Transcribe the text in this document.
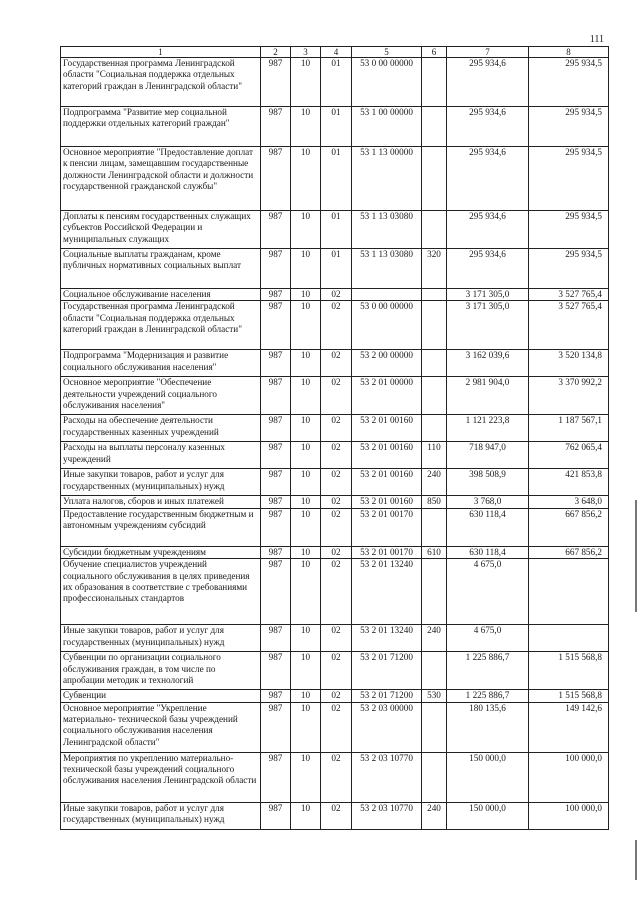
111
1	2	3	4	5	6	7	8
Государственная программа Ленинградской области "Социальная поддержка отдельных категорий граждан в Ленинградской области"	987	10	01	53 0 00 00000		295 934,6	295 934,5
Подпрограмма "Развитие мер социальной поддержки отдельных категорий граждан"	987	10	01	53 1 00 00000		295 934,6	295 934,5
Основное мероприятие "Предоставление доплат к пенсии лицам, замещавшим государственные должности Ленинградской области и должности государственной гражданской службы"	987	10	01	53 1 13 00000		295 934,6	295 934,5
Доплаты к пенсиям государственных служащих субъектов Российской Федерации и муниципальных служащих	987	10	01	53 1 13 03080		295 934,6	295 934,5
Социальные выплаты гражданам, кроме публичных нормативных социальных выплат	987	10	01	53 1 13 03080	320	295 934,6	295 934,5
Социальное обслуживание населения	987	10	02			3 171 305,0	3 527 765,4
Государственная программа Ленинградской области "Социальная поддержка отдельных категорий граждан в Ленинградской области"	987	10	02	53 0 00 00000		3 171 305,0	3 527 765,4
Подпрограмма "Модернизация и развитие социального обслуживания населения"	987	10	02	53 2 00 00000		3 162 039,6	3 520 134,8
Основное мероприятие "Обеспечение деятельности учреждений социального обслуживания населения"	987	10	02	53 2 01 00000		2 981 904,0	3 370 992,2
Расходы на обеспечение деятельности государственных казенных учреждений	987	10	02	53 2 01 00160		1 121 223,8	1 187 567,1
Расходы на выплаты персоналу казенных учреждений	987	10	02	53 2 01 00160	110	718 947,0	762 065,4
Иные закупки товаров, работ и услуг для государственных (муниципальных) нужд	987	10	02	53 2 01 00160	240	398 508,9	421 853,8
Уплата налогов, сборов и иных платежей	987	10	02	53 2 01 00160	850	3 768,0	3 648,0
Предоставление государственным бюджетным и автономным учреждениям субсидий	987	10	02	53 2 01 00170		630 118,4	667 856,2
Субсидии бюджетным учреждениям	987	10	02	53 2 01 00170	610	630 118,4	667 856,2
Обучение специалистов учреждений социального обслуживания в целях приведения их образования в соответствие с требованиями профессиональных стандартов	987	10	02	53 2 01 13240		4 675,0	
Иные закупки товаров, работ и услуг для государственных (муниципальных) нужд	987	10	02	53 2 01 13240	240	4 675,0	
Субвенции по организации социального обслуживания граждан, в том числе по апробации методик и технологий	987	10	02	53 2 01 71200		1 225 886,7	1 515 568,8
Субвенции	987	10	02	53 2 01 71200	530	1 225 886,7	1 515 568,8
Основное мероприятие "Укрепление материально- технической базы учреждений социального обслуживания населения Ленинградской области"	987	10	02	53 2 03 00000		180 135,6	149 142,6
Мероприятия по укреплению материально- технической базы учреждений социального обслуживания населения Ленинградской области	987	10	02	53 2 03 10770		150 000,0	100 000,0
Иные закупки товаров, работ и услуг для государственных (муниципальных) нужд	987	10	02	53 2 03 10770	240	150 000,0	100 000,0
